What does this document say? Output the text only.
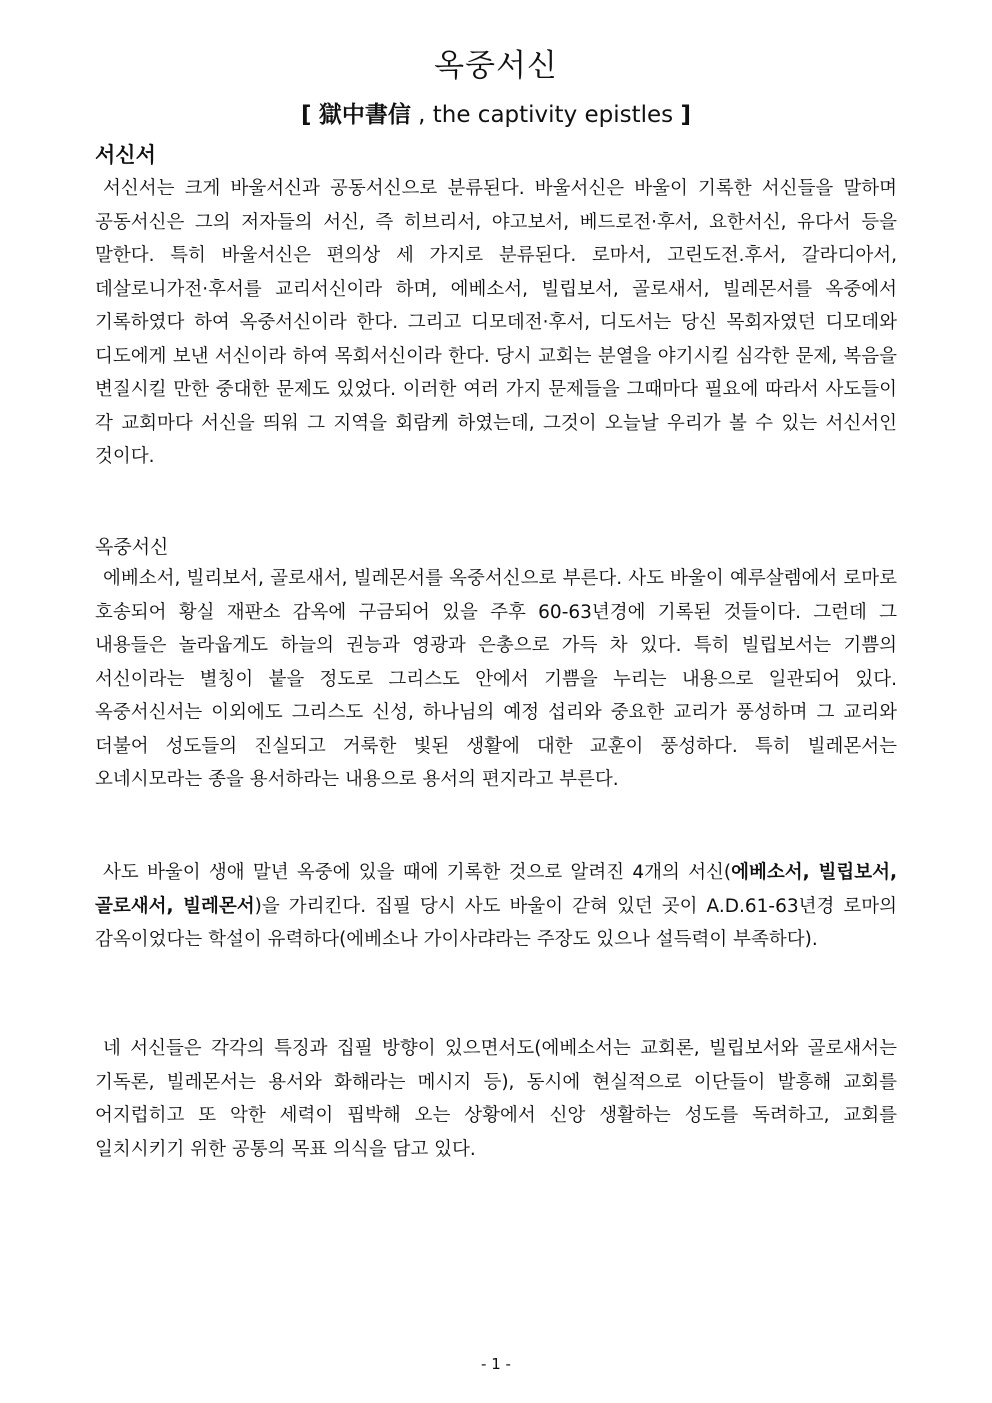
옥중서신
[ 獄中書信 , the captivity epistles ]
서신서

서신서는 크게 바울서신과 공동서신으로 분류된다. 바울서신은 바울이 기록한 서신들을 말하며 공동서신은 그의 저자들의 서신, 즉 히브리서, 야고보서, 베드로전·후서, 요한서신, 유다서 등을 말한다. 특히 바울서신은 편의상 세 가지로 분류된다. 로마서, 고린도전.후서, 갈라디아서, 데살로니가전·후서를 교리서신이라 하며, 에베소서, 빌립보서, 골로새서, 빌레몬서를 옥중에서 기록하였다 하여 옥중서신이라 한다. 그리고 디모데전·후서, 디도서는 당신 목회자였던 디모데와 디도에게 보낸 서신이라 하여 목회서신이라 한다. 당시 교회는 분열을 야기시킬 심각한 문제, 복음을 변질시킬 만한 중대한 문제도 있었다. 이러한 여러 가지 문제들을 그때마다 필요에 따라서 사도들이 각 교회마다 서신을 띄워 그 지역을 회람케 하였는데, 그것이 오늘날 우리가 볼 수 있는 서신서인 것이다.

옥중서신

에베소서, 빌리보서, 골로새서, 빌레몬서를 옥중서신으로 부른다. 사도 바울이 예루살렘에서 로마로 호송되어 황실 재판소 감옥에 구금되어 있을 주후 60-63년경에 기록된 것들이다. 그런데 그 내용들은 놀라웁게도 하늘의 권능과 영광과 은총으로 가득 차 있다. 특히 빌립보서는 기쁨의 서신이라는 별칭이 붙을 정도로 그리스도 안에서 기쁨을 누리는 내용으로 일관되어 있다. 옥중서신서는 이외에도 그리스도 신성, 하나님의 예정 섭리와 중요한 교리가 풍성하며 그 교리와 더불어 성도들의 진실되고 거룩한 빛된 생활에 대한 교훈이 풍성하다. 특히 빌레몬서는 오네시모라는 종을 용서하라는 내용으로 용서의 편지라고 부른다.

사도 바울이 생애 말년 옥중에 있을 때에 기록한 것으로 알려진 4개의 서신(에베소서, 빌립보서, 골로새서, 빌레몬서)을 가리킨다. 집필 당시 사도 바울이 갇혀 있던 곳이 A.D.61-63년경 로마의 감옥이었다는 학설이 유력하다(에베소나 가이사랴라는 주장도 있으나 설득력이 부족하다).

네 서신들은 각각의 특징과 집필 방향이 있으면서도(에베소서는 교회론, 빌립보서와 골로새서는 기독론, 빌레몬서는 용서와 화해라는 메시지 등), 동시에 현실적으로 이단들이 발흥해 교회를 어지럽히고 또 악한 세력이 핍박해 오는 상황에서 신앙 생활하는 성도를 독려하고, 교회를 일치시키기 위한 공통의 목표 의식을 담고 있다.

- 1 -
